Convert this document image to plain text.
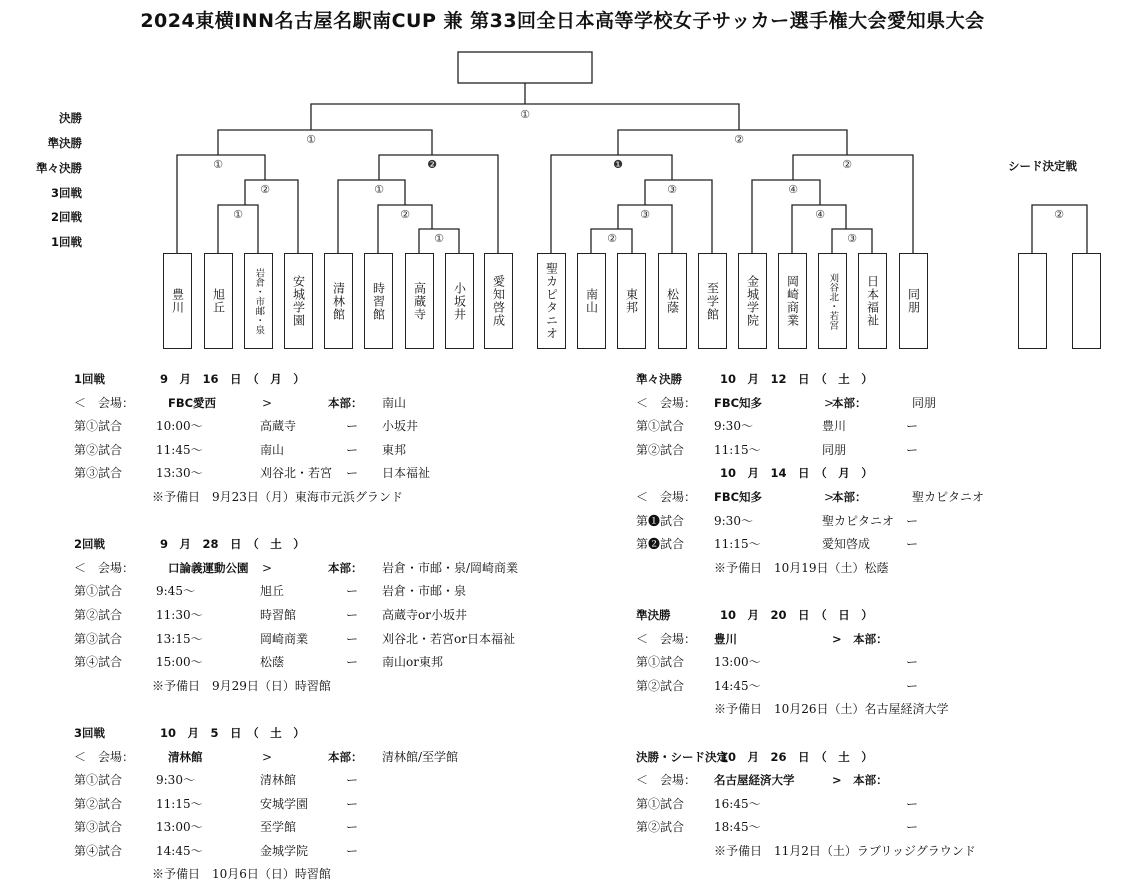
2024東横INN名古屋名駅南CUP 兼 第33回全日本高等学校女子サッカー選手権大会愛知県大会
①
①	②
①	❷	❶	②
②	①	③	④
①	②	③	④
①	②	③
②
決勝
準決勝
準々決勝
3回戦
2回戦
1回戦
シード決定戦
豊川 旭丘	岩倉・市邮・泉 安城学園 清林館 時習館 高蔵寺 小坂井 愛知啓成	聖カピタニオ 南山 東邦 松蔭 至学館 金城学院 岡崎商業	刈谷北・若宮 日本福祉 同朋
1回戦	9　月　16　日　（　月　）
＜　会場：	FBC愛西	>	本部： 南山
第①試合	10:00〜	高蔵寺	ー 小坂井
第②試合	11:45〜	南山	ー 東邦
第③試合	13:30〜	刈谷北・若宮 ー 日本福祉
※予備日　9月23日（月）東海市元浜グランド
2回戦	9　月　28　日　（　土　）
＜　会場：	口論義運動公園 >	本部： 岩倉・市邮・泉/岡崎商業
第①試合	9:45〜	旭丘	ー 岩倉・市邮・泉
第②試合	11:30〜	時習館	ー 高蔵寺or小坂井
第③試合	13:15〜	岡崎商業	ー 刈谷北・若宮or日本福祉
第④試合	15:00〜	松蔭	ー 南山or東邦
※予備日　9月29日（日）時習館
3回戦	10　月　5　日　（　土　）
＜　会場：	清林館	>	本部： 清林館/至学館
第①試合	9:30〜	清林館	ー
第②試合	11:15〜	安城学園	ー
第③試合	13:00〜	至学館	ー
第④試合	14:45〜	金城学院	ー
※予備日　10月6日（日）時習館
準々決勝	10　月　12　日　（　土　）
＜　会場： FBC知多	>
本部：	同朋
第①試合 9:30〜	豊川	ー
第②試合 11:15〜	同朋	ー
10　月　14　日　（　月　）
＜　会場： FBC知多	>
本部：	聖カピタニオ
第❶試合 9:30〜	聖カピタニオ ー
第❷試合 11:15〜	愛知啓成	ー
※予備日　10月19日（土）松蔭
準決勝	10　月　20　日　（　日　）
＜　会場： 豊川	>　本部：
第①試合 13:00〜	ー
第②試合 14:45〜	ー
※予備日　10月26日（土）名古屋経済大学
決勝・シード決定
10　月　26　日　（　土　）
＜　会場： 名古屋経済大学	>　本部：
第①試合 16:45〜	ー
第②試合 18:45〜	ー
※予備日　11月2日（土）ラブリッジグラウンド
